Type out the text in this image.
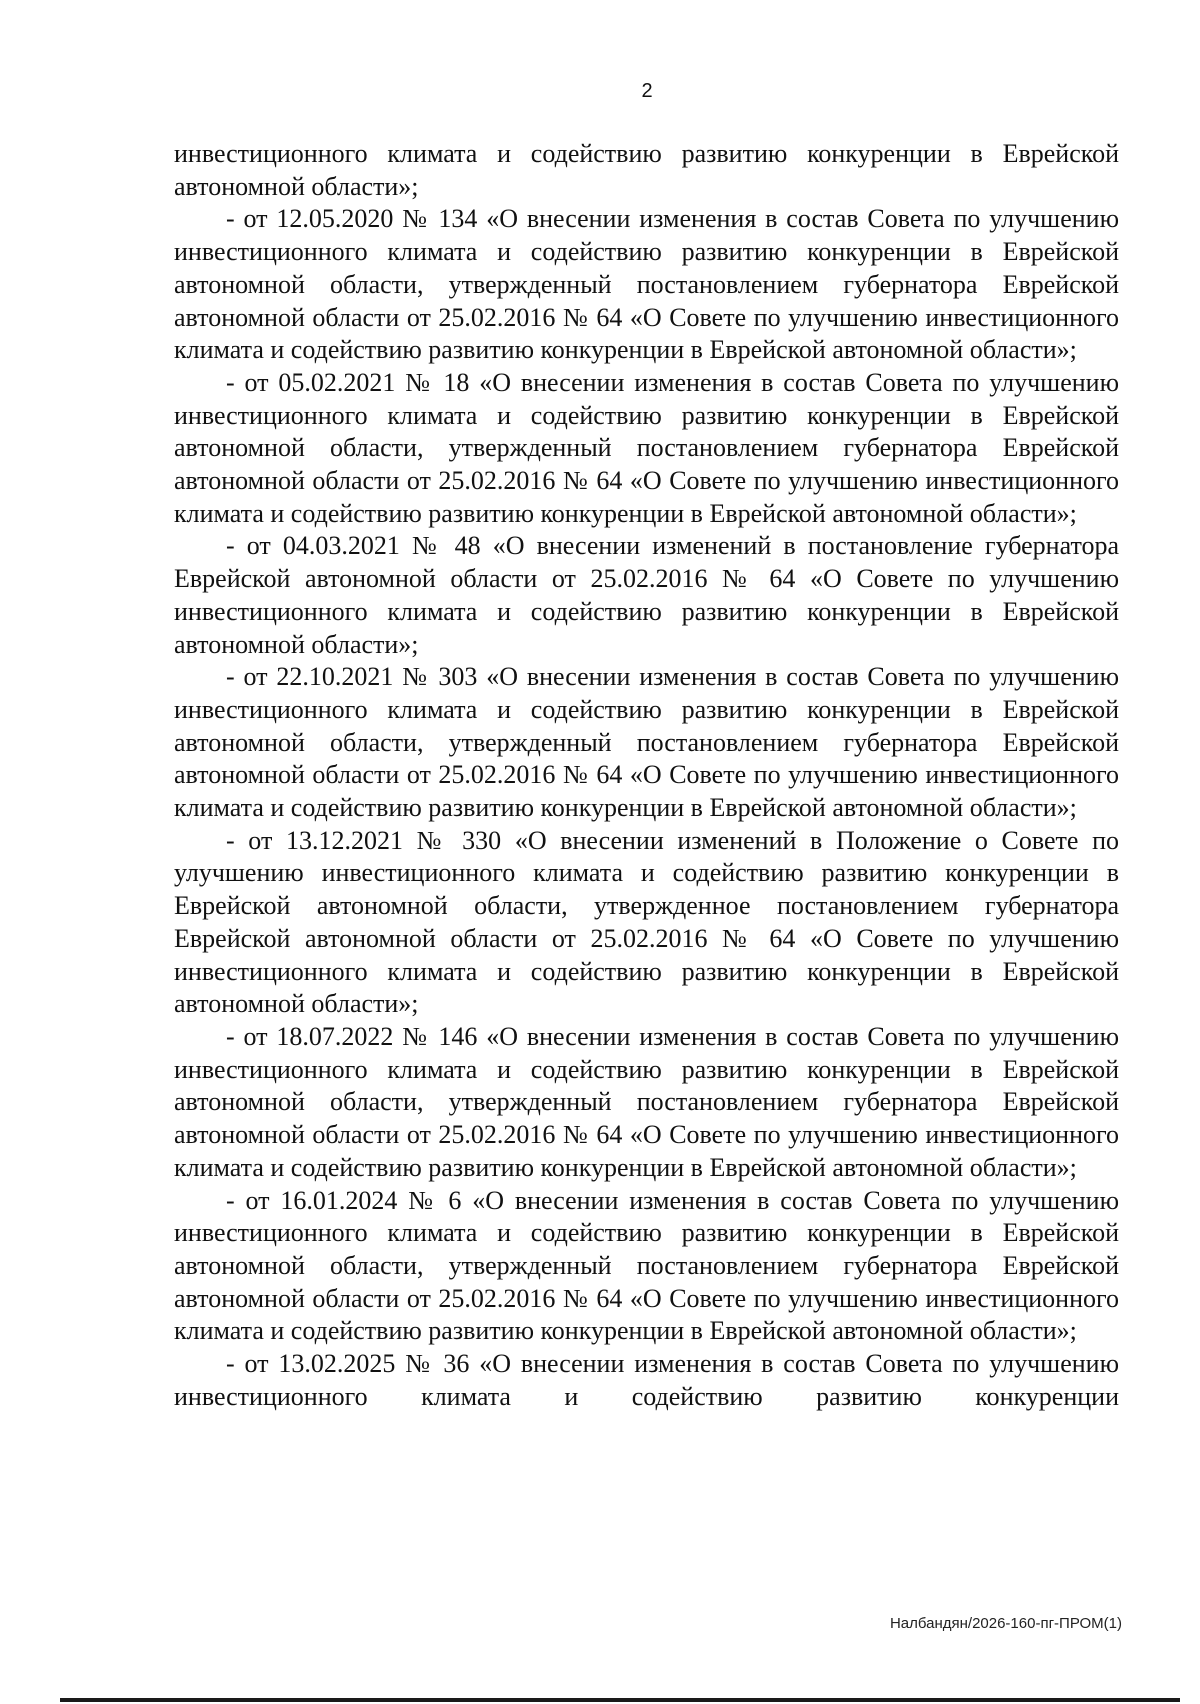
2

инвестиционного климата и содействию развитию конкуренции в Еврейской автономной области»;

- от 12.05.2020 № 134 «О внесении изменения в состав Совета по улучшению инвестиционного климата и содействию развитию конкуренции в Еврейской автономной области, утвержденный постановлением губернатора Еврейской автономной области от 25.02.2016 № 64 «О Совете по улучшению инвестиционного климата и содействию развитию конкуренции в Еврейской автономной области»;

- от 05.02.2021 № 18 «О внесении изменения в состав Совета по улучшению инвестиционного климата и содействию развитию конкуренции в Еврейской автономной области, утвержденный постановлением губернатора Еврейской автономной области от 25.02.2016 № 64 «О Совете по улучшению инвестиционного климата и содействию развитию конкуренции в Еврейской автономной области»;

- от 04.03.2021 № 48 «О внесении изменений в постановление губернатора Еврейской автономной области от 25.02.2016 № 64 «О Совете по улучшению инвестиционного климата и содействию развитию конкуренции в Еврейской автономной области»;

- от 22.10.2021 № 303 «О внесении изменения в состав Совета по улучшению инвестиционного климата и содействию развитию конкуренции в Еврейской автономной области, утвержденный постановлением губернатора Еврейской автономной области от 25.02.2016 № 64 «О Совете по улучшению инвестиционного климата и содействию развитию конкуренции в Еврейской автономной области»;

- от 13.12.2021 № 330 «О внесении изменений в Положение о Совете по улучшению инвестиционного климата и содействию развитию конкуренции в Еврейской автономной области, утвержденное постановлением губернатора Еврейской автономной области от 25.02.2016 № 64 «О Совете по улучшению инвестиционного климата и содействию развитию конкуренции в Еврейской автономной области»;

- от 18.07.2022 № 146 «О внесении изменения в состав Совета по улучшению инвестиционного климата и содействию развитию конкуренции в Еврейской автономной области, утвержденный постановлением губернатора Еврейской автономной области от 25.02.2016 № 64 «О Совете по улучшению инвестиционного климата и содействию развитию конкуренции в Еврейской автономной области»;

- от 16.01.2024 № 6 «О внесении изменения в состав Совета по улучшению инвестиционного климата и содействию развитию конкуренции в Еврейской автономной области, утвержденный постановлением губернатора Еврейской автономной области от 25.02.2016 № 64 «О Совете по улучшению инвестиционного климата и содействию развитию конкуренции в Еврейской автономной области»;

- от 13.02.2025 № 36 «О внесении изменения в состав Совета по улучшению инвестиционного климата и содействию развитию конкуренции

Налбандян/2026-160-пг-ПРОМ(1)
